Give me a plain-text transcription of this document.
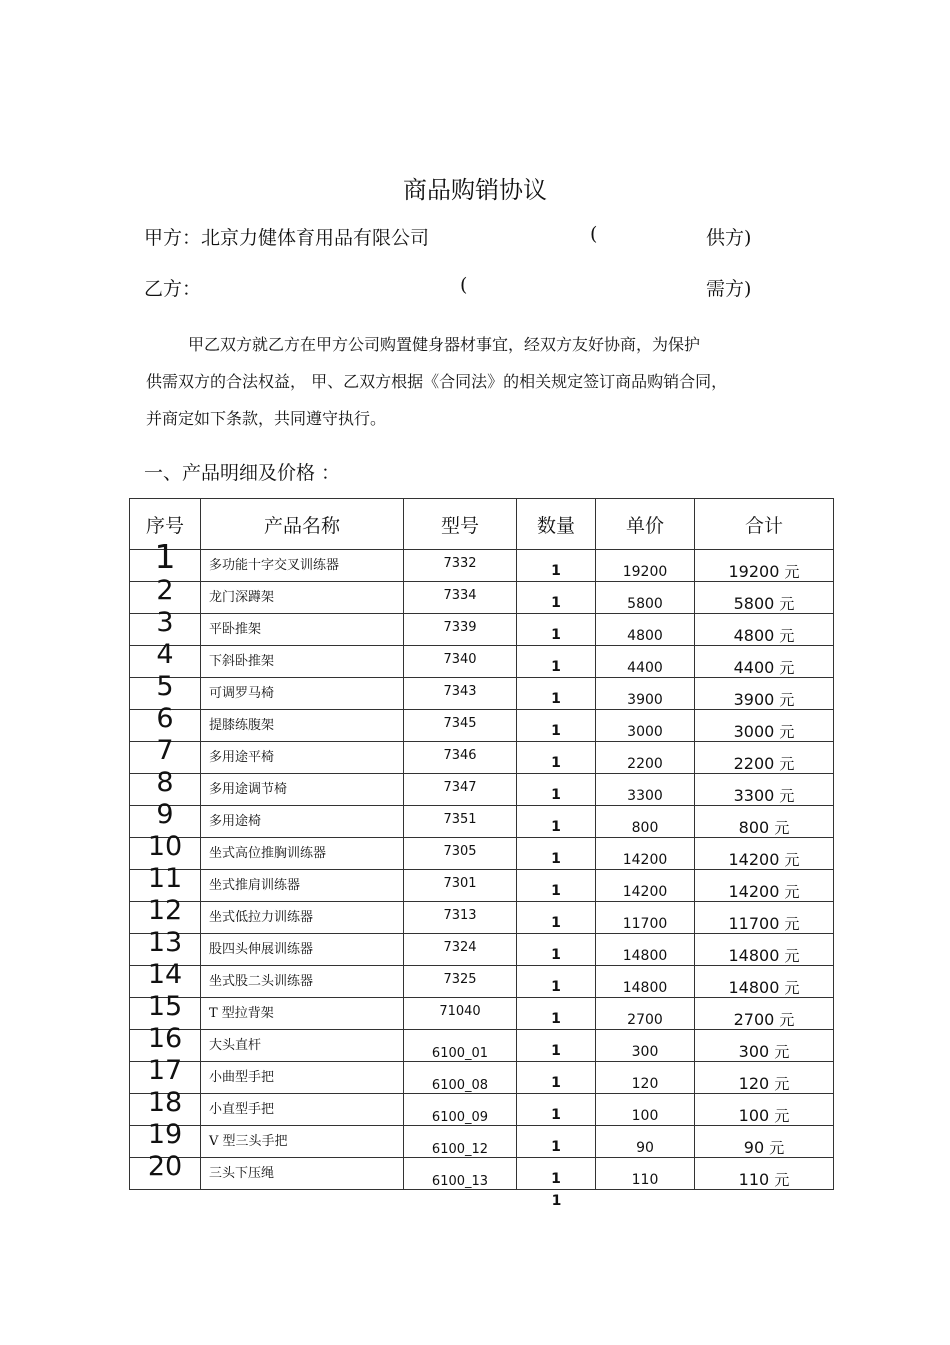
商品购销协议
甲方：北京力健体育用品有限公司	(	供方)
乙方：	(	需方)
甲乙双方就乙方在甲方公司购置健身器材事宜，经双方友好协商，为保护
供需双方的合法权益， 甲、乙双方根据《合同法》的相关规定签订商品购销合同，
并商定如下条款，共同遵守执行。
一、产品明细及价格 ：
序号	产品名称	型号	数量	单价	合计

1	多功能十字交叉训练器	7332	1	19200	19200 元

2	龙门深蹲架	7334	1	5800	5800 元

3	平卧推架	7339	1	4800	4800 元

4	下斜卧推架	7340	1	4400	4400 元

5	可调罗马椅	7343	1	3900	3900 元

6	提膝练腹架	7345	1	3000	3000 元

7	多用途平椅	7346	1	2200	2200 元

8	多用途调节椅	7347	1	3300	3300 元

9	多用途椅	7351	1	800	800 元

10	坐式高位推胸训练器	7305	1	14200	14200 元

11	坐式推肩训练器	7301	1	14200	14200 元

12	坐式低拉力训练器	7313	1	11700	11700 元

13	股四头伸展训练器	7324	1	14800	14800 元

14	坐式股二头训练器	7325	1	14800	14800 元

15	T 型拉背架	71040	1	2700	2700 元

16	大头直杆	6100_01	1	300	300 元

17	小曲型手把	6100_08	1	120	120 元

18	小直型手把	6100_09	1	100	100 元

19	V 型三头手把	6100_12	1	90	90 元

20	三头下压绳	6100_13	1	110	110 元
1
